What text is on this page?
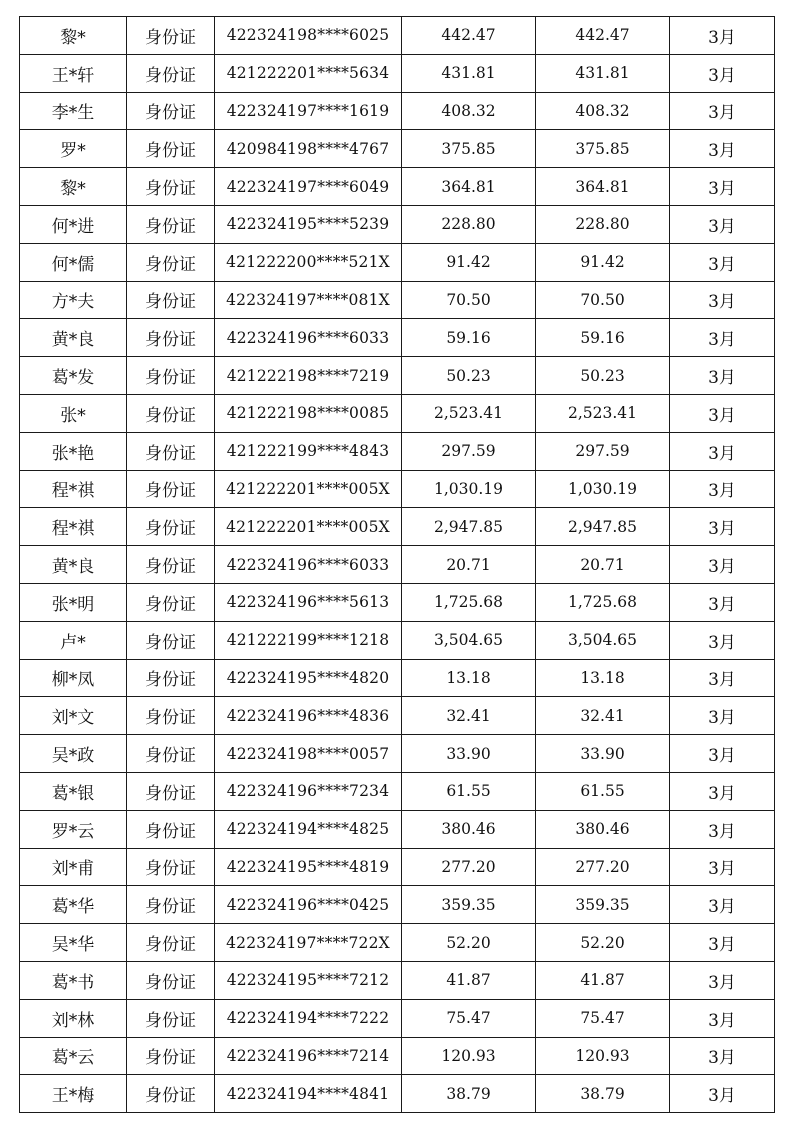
黎*	身份证	422324198****6025	442.47	442.47	3月
王*轩	身份证	421222201****5634	431.81	431.81	3月
李*生	身份证	422324197****1619	408.32	408.32	3月
罗*	身份证	420984198****4767	375.85	375.85	3月
黎*	身份证	422324197****6049	364.81	364.81	3月
何*进	身份证	422324195****5239	228.80	228.80	3月
何*儒	身份证	421222200****521X	91.42	91.42	3月
方*夫	身份证	422324197****081X	70.50	70.50	3月
黄*良	身份证	422324196****6033	59.16	59.16	3月
葛*发	身份证	421222198****7219	50.23	50.23	3月
张*	身份证	421222198****0085	2,523.41	2,523.41	3月
张*艳	身份证	421222199****4843	297.59	297.59	3月
程*祺	身份证	421222201****005X	1,030.19	1,030.19	3月
程*祺	身份证	421222201****005X	2,947.85	2,947.85	3月
黄*良	身份证	422324196****6033	20.71	20.71	3月
张*明	身份证	422324196****5613	1,725.68	1,725.68	3月
卢*	身份证	421222199****1218	3,504.65	3,504.65	3月
柳*凤	身份证	422324195****4820	13.18	13.18	3月
刘*文	身份证	422324196****4836	32.41	32.41	3月
吴*政	身份证	422324198****0057	33.90	33.90	3月
葛*银	身份证	422324196****7234	61.55	61.55	3月
罗*云	身份证	422324194****4825	380.46	380.46	3月
刘*甫	身份证	422324195****4819	277.20	277.20	3月
葛*华	身份证	422324196****0425	359.35	359.35	3月
吴*华	身份证	422324197****722X	52.20	52.20	3月
葛*书	身份证	422324195****7212	41.87	41.87	3月
刘*林	身份证	422324194****7222	75.47	75.47	3月
葛*云	身份证	422324196****7214	120.93	120.93	3月
王*梅	身份证	422324194****4841	38.79	38.79	3月
